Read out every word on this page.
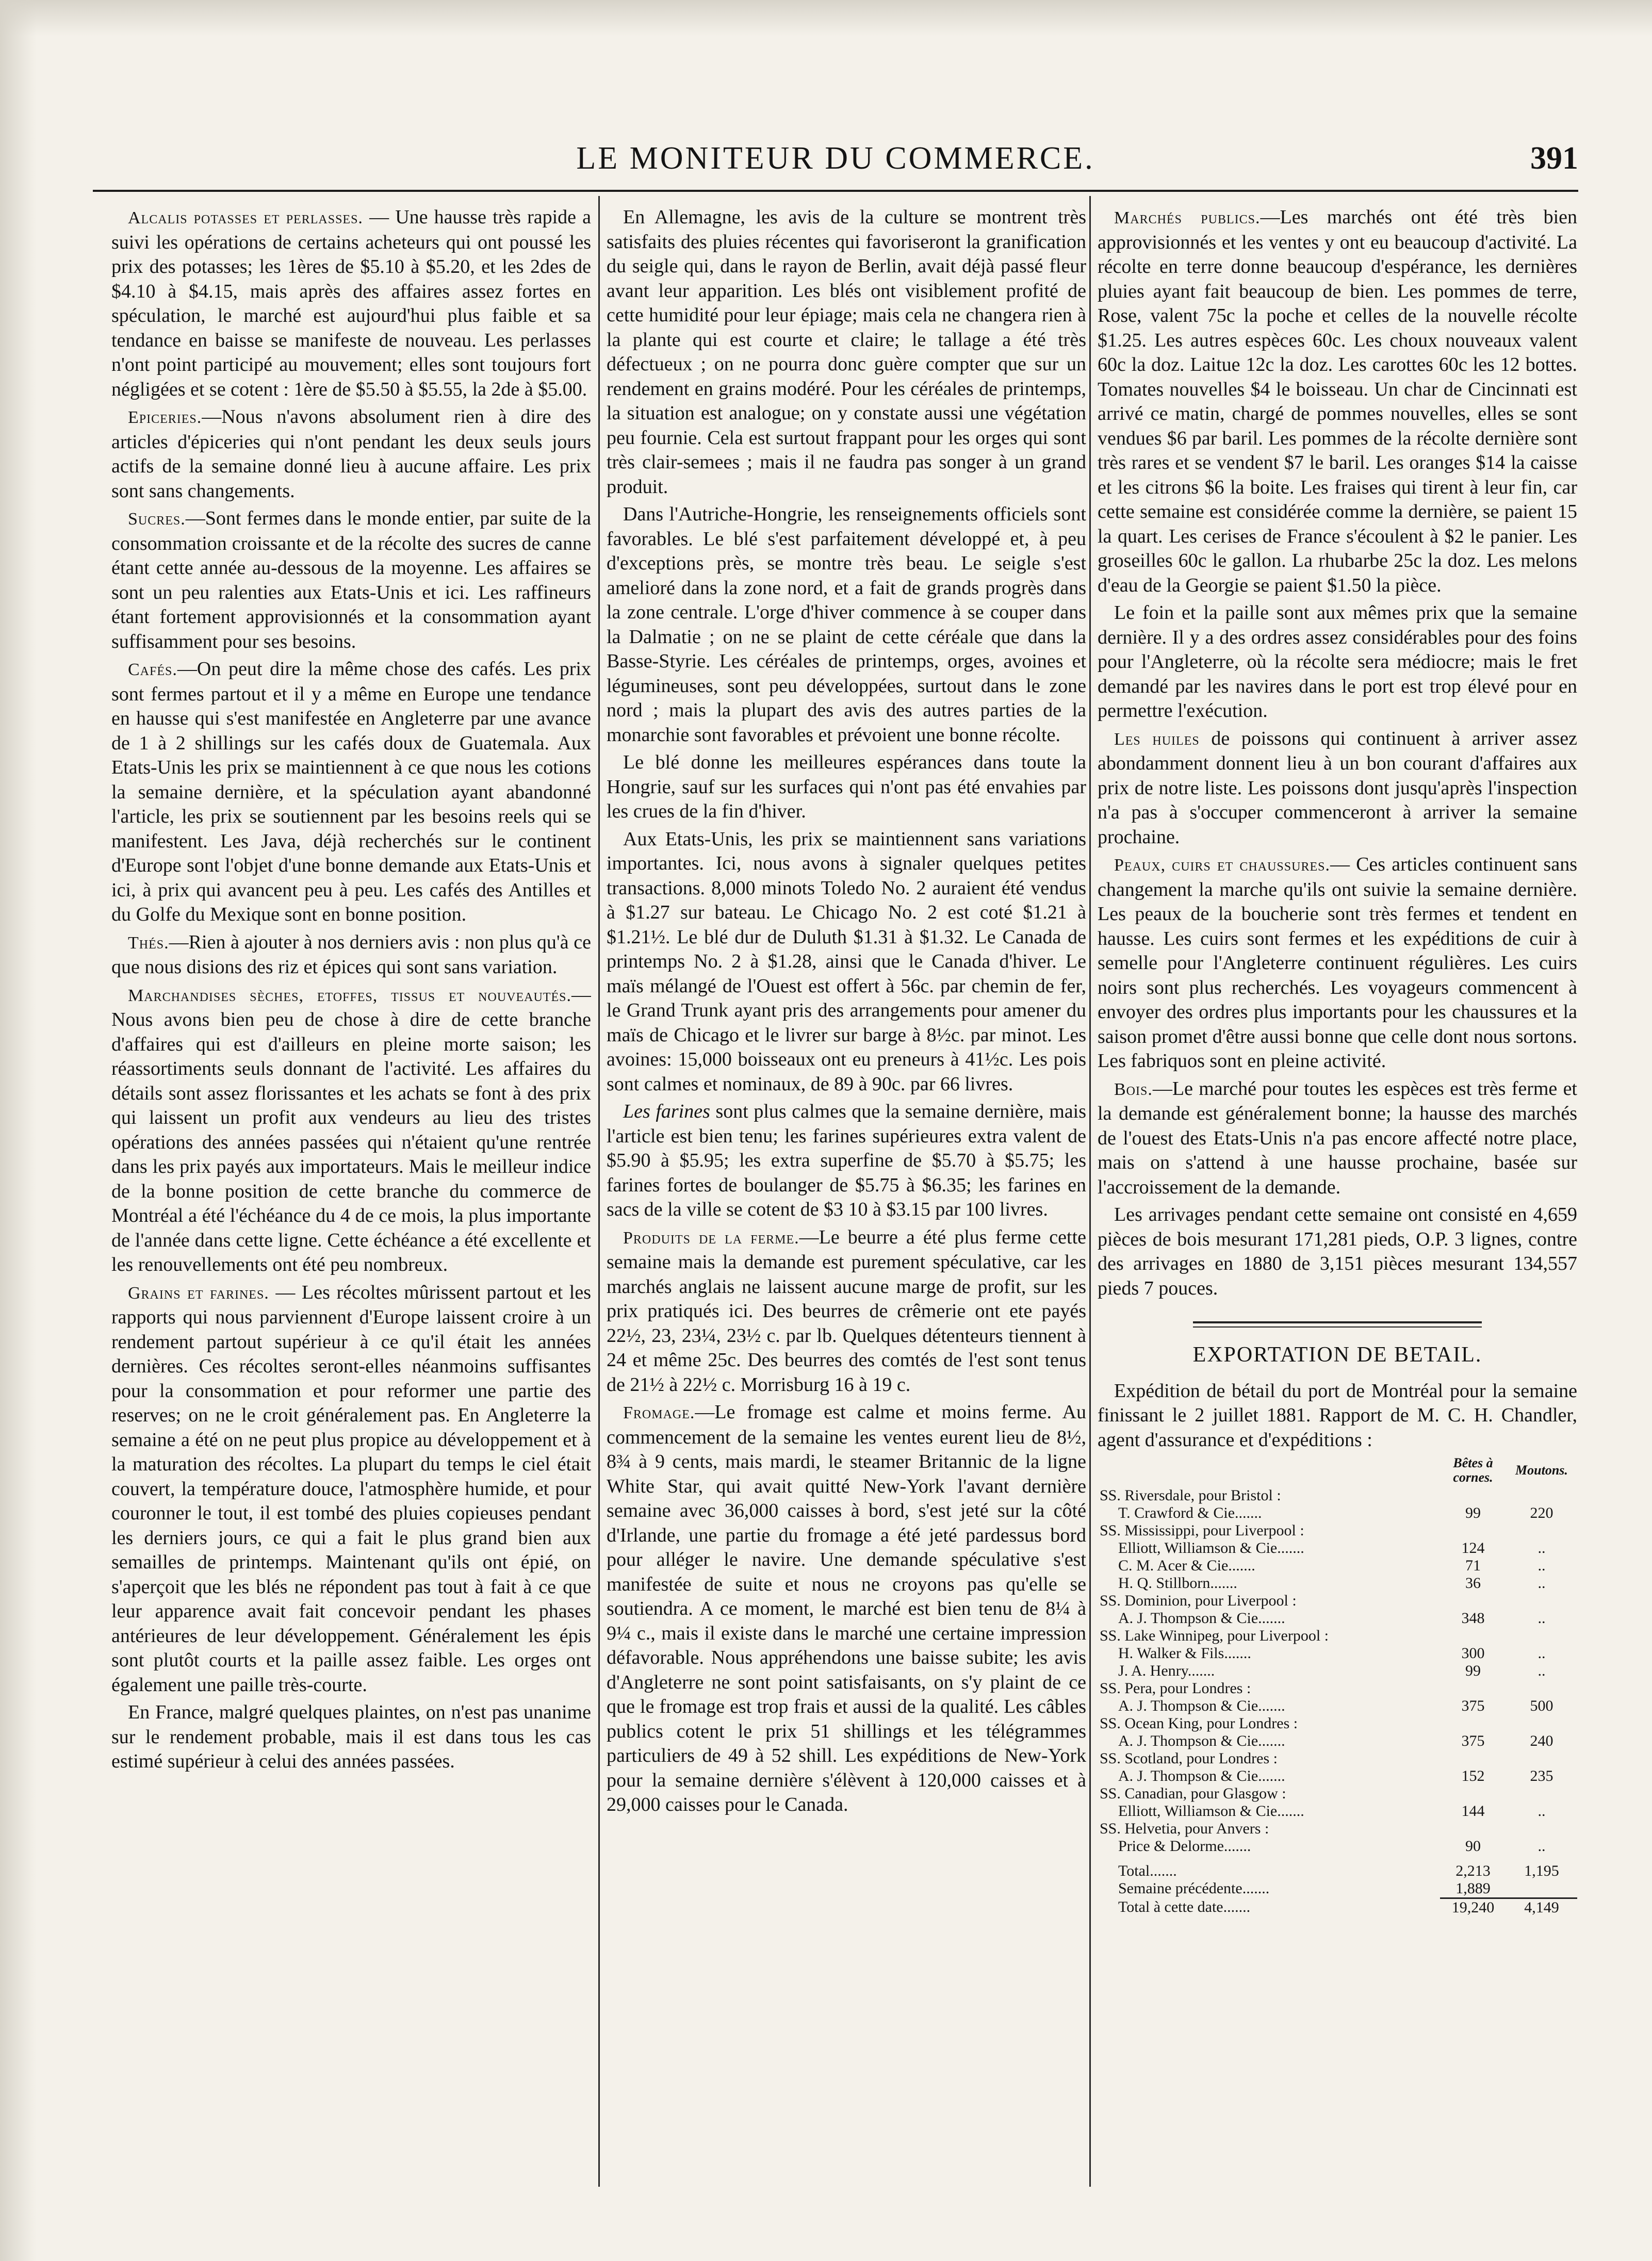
LE MONITEUR DU COMMERCE.	391

Alcalis potasses et perlasses. — Une hausse très rapide a suivi les opérations de certains acheteurs qui ont poussé les prix des potasses; les 1ères de $5.10 à $5.20, et les 2des de $4.10 à $4.15, mais après des affaires assez fortes en spéculation, le marché est aujourd'hui plus faible et sa tendance en baisse se manifeste de nouveau. Les perlasses n'ont point participé au mouvement; elles sont toujours fort négligées et se cotent : 1ère de $5.50 à $5.55, la 2de à $5.00.

Epiceries.—Nous n'avons absolument rien à dire des articles d'épiceries qui n'ont pendant les deux seuls jours actifs de la semaine donné lieu à aucune affaire. Les prix sont sans changements.

Sucres.—Sont fermes dans le monde entier, par suite de la consommation croissante et de la récolte des sucres de canne étant cette année au-dessous de la moyenne. Les affaires se sont un peu ralenties aux Etats-Unis et ici. Les raffineurs étant fortement approvisionnés et la consommation ayant suffisamment pour ses besoins.

Cafés.—On peut dire la même chose des cafés. Les prix sont fermes partout et il y a même en Europe une tendance en hausse qui s'est manifestée en Angleterre par une avance de 1 à 2 shillings sur les cafés doux de Guatemala. Aux Etats-Unis les prix se maintiennent à ce que nous les cotions la semaine dernière, et la spéculation ayant abandonné l'article, les prix se soutiennent par les besoins reels qui se manifestent. Les Java, déjà recherchés sur le continent d'Europe sont l'objet d'une bonne demande aux Etats-Unis et ici, à prix qui avancent peu à peu. Les cafés des Antilles et du Golfe du Mexique sont en bonne position.

Thés.—Rien à ajouter à nos derniers avis : non plus qu'à ce que nous disions des riz et épices qui sont sans variation.

Marchandises sèches, etoffes, tissus et nouveautés.— Nous avons bien peu de chose à dire de cette branche d'affaires qui est d'ailleurs en pleine morte saison; les réassortiments seuls donnant de l'activité. Les affaires du détails sont assez florissantes et les achats se font à des prix qui laissent un profit aux vendeurs au lieu des tristes opérations des années passées qui n'étaient qu'une rentrée dans les prix payés aux importateurs. Mais le meilleur indice de la bonne position de cette branche du commerce de Montréal a été l'échéance du 4 de ce mois, la plus importante de l'année dans cette ligne. Cette échéance a été excellente et les renouvellements ont été peu nombreux.

Grains et farines. — Les récoltes mûrissent partout et les rapports qui nous parviennent d'Europe laissent croire à un rendement partout supérieur à ce qu'il était les années dernières. Ces récoltes seront-elles néanmoins suffisantes pour la consommation et pour reformer une partie des reserves; on ne le croit généralement pas. En Angleterre la semaine a été on ne peut plus propice au développement et à la maturation des récoltes. La plupart du temps le ciel était couvert, la température douce, l'atmosphère humide, et pour couronner le tout, il est tombé des pluies copieuses pendant les derniers jours, ce qui a fait le plus grand bien aux semailles de printemps. Maintenant qu'ils ont épié, on s'aperçoit que les blés ne répondent pas tout à fait à ce que leur apparence avait fait concevoir pendant les phases antérieures de leur développement. Généralement les épis sont plutôt courts et la paille assez faible. Les orges ont également une paille très-courte.

En France, malgré quelques plaintes, on n'est pas unanime sur le rendement probable, mais il est dans tous les cas estimé supérieur à celui des années passées.

En Allemagne, les avis de la culture se montrent très satisfaits des pluies récentes qui favoriseront la granification du seigle qui, dans le rayon de Berlin, avait déjà passé fleur avant leur apparition. Les blés ont visiblement profité de cette humidité pour leur épiage; mais cela ne changera rien à la plante qui est courte et claire; le tallage a été très défectueux ; on ne pourra donc guère compter que sur un rendement en grains modéré. Pour les céréales de printemps, la situation est analogue; on y constate aussi une végétation peu fournie. Cela est surtout frappant pour les orges qui sont très clair-semees ; mais il ne faudra pas songer à un grand produit.

Dans l'Autriche-Hongrie, les renseignements officiels sont favorables. Le blé s'est parfaitement développé et, à peu d'exceptions près, se montre très beau. Le seigle s'est amelioré dans la zone nord, et a fait de grands progrès dans la zone centrale. L'orge d'hiver commence à se couper dans la Dalmatie ; on ne se plaint de cette céréale que dans la Basse-Styrie. Les céréales de printemps, orges, avoines et légumineuses, sont peu développées, surtout dans le zone nord ; mais la plupart des avis des autres parties de la monarchie sont favorables et prévoient une bonne récolte.

Le blé donne les meilleures espérances dans toute la Hongrie, sauf sur les surfaces qui n'ont pas été envahies par les crues de la fin d'hiver.

Aux Etats-Unis, les prix se maintiennent sans variations importantes. Ici, nous avons à signaler quelques petites transactions. 8,000 minots Toledo No. 2 auraient été vendus à $1.27 sur bateau. Le Chicago No. 2 est coté $1.21 à $1.21½. Le blé dur de Duluth $1.31 à $1.32. Le Canada de printemps No. 2 à $1.28, ainsi que le Canada d'hiver. Le maïs mélangé de l'Ouest est offert à 56c. par chemin de fer, le Grand Trunk ayant pris des arrangements pour amener du maïs de Chicago et le livrer sur barge à 8½c. par minot. Les avoines: 15,000 boisseaux ont eu preneurs à 41½c. Les pois sont calmes et nominaux, de 89 à 90c. par 66 livres.

Les farines sont plus calmes que la semaine dernière, mais l'article est bien tenu; les farines supérieures extra valent de $5.90 à $5.95; les extra superfine de $5.70 à $5.75; les farines fortes de boulanger de $5.75 à $6.35; les farines en sacs de la ville se cotent de $3 10 à $3.15 par 100 livres.

Produits de la ferme.—Le beurre a été plus ferme cette semaine mais la demande est purement spéculative, car les marchés anglais ne laissent aucune marge de profit, sur les prix pratiqués ici. Des beurres de crêmerie ont ete payés 22½, 23, 23¼, 23½ c. par lb. Quelques détenteurs tiennent à 24 et même 25c. Des beurres des comtés de l'est sont tenus de 21½ à 22½ c. Morrisburg 16 à 19 c.

Fromage.—Le fromage est calme et moins ferme. Au commencement de la semaine les ventes eurent lieu de 8½, 8¾ à 9 cents, mais mardi, le steamer Britannic de la ligne White Star, qui avait quitté New-York l'avant dernière semaine avec 36,000 caisses à bord, s'est jeté sur la côté d'Irlande, une partie du fromage a été jeté pardessus bord pour alléger le navire. Une demande spéculative s'est manifestée de suite et nous ne croyons pas qu'elle se soutiendra. A ce moment, le marché est bien tenu de 8¼ à 9¼ c., mais il existe dans le marché une certaine impression défavorable. Nous appréhendons une baisse subite; les avis d'Angleterre ne sont point satisfaisants, on s'y plaint de ce que le fromage est trop frais et aussi de la qualité. Les câbles publics cotent le prix 51 shillings et les télégrammes particuliers de 49 à 52 shill. Les expéditions de New-York pour la semaine dernière s'élèvent à 120,000 caisses et à 29,000 caisses pour le Canada.

Marchés publics.—Les marchés ont été très bien approvisionnés et les ventes y ont eu beaucoup d'activité. La récolte en terre donne beaucoup d'espérance, les dernières pluies ayant fait beaucoup de bien. Les pommes de terre, Rose, valent 75c la poche et celles de la nouvelle récolte $1.25. Les autres espèces 60c. Les choux nouveaux valent 60c la doz. Laitue 12c la doz. Les carottes 60c les 12 bottes. Tomates nouvelles $4 le boisseau. Un char de Cincinnati est arrivé ce matin, chargé de pommes nouvelles, elles se sont vendues $6 par baril. Les pommes de la récolte dernière sont très rares et se vendent $7 le baril. Les oranges $14 la caisse et les citrons $6 la boite. Les fraises qui tirent à leur fin, car cette semaine est considérée comme la dernière, se paient 15 la quart. Les cerises de France s'écoulent à $2 le panier. Les groseilles 60c le gallon. La rhubarbe 25c la doz. Les melons d'eau de la Georgie se paient $1.50 la pièce.

Le foin et la paille sont aux mêmes prix que la semaine dernière. Il y a des ordres assez considérables pour des foins pour l'Angleterre, où la récolte sera médiocre; mais le fret demandé par les navires dans le port est trop élevé pour en permettre l'exécution.

Les huiles de poissons qui continuent à arriver assez abondamment donnent lieu à un bon courant d'affaires aux prix de notre liste. Les poissons dont jusqu'après l'inspection n'a pas à s'occuper commenceront à arriver la semaine prochaine.

Peaux, cuirs et chaussures.— Ces articles continuent sans changement la marche qu'ils ont suivie la semaine dernière. Les peaux de la boucherie sont très fermes et tendent en hausse. Les cuirs sont fermes et les expéditions de cuir à semelle pour l'Angleterre continuent régulières. Les cuirs noirs sont plus recherchés. Les voyageurs commencent à envoyer des ordres plus importants pour les chaussures et la saison promet d'être aussi bonne que celle dont nous sortons. Les fabriquos sont en pleine activité.

Bois.—Le marché pour toutes les espèces est très ferme et la demande est généralement bonne; la hausse des marchés de l'ouest des Etats-Unis n'a pas encore affecté notre place, mais on s'attend à une hausse prochaine, basée sur l'accroissement de la demande.

Les arrivages pendant cette semaine ont consisté en 4,659 pièces de bois mesurant 171,281 pieds, O.P. 3 lignes, contre des arrivages en 1880 de 3,151 pièces mesurant 134,557 pieds 7 pouces.

EXPORTATION DE BETAIL.

Expédition de bétail du port de Montréal pour la semaine finissant le 2 juillet 1881. Rapport de M. C. H. Chandler, agent d'assurance et d'expéditions :

	Bêtes à cornes.	Moutons.
SS. Riversdale, pour Bristol :		
T. Crawford & Cie.......	99	220
SS. Mississippi, pour Liverpool :		
Elliott, Williamson & Cie.......	124	..
C. M. Acer & Cie.......	71	..
H. Q. Stillborn.......	36	..
SS. Dominion, pour Liverpool :		
A. J. Thompson & Cie.......	348	..
SS. Lake Winnipeg, pour Liverpool :		
H. Walker & Fils.......	300	..
J. A. Henry.......	99	..
SS. Pera, pour Londres :		
A. J. Thompson & Cie.......	375	500
SS. Ocean King, pour Londres :		
A. J. Thompson & Cie.......	375	240
SS. Scotland, pour Londres :		
A. J. Thompson & Cie.......	152	235
SS. Canadian, pour Glasgow :		
Elliott, Williamson & Cie.......	144	..
SS. Helvetia, pour Anvers :		
Price & Delorme.......	90	..
Total.......	2,213	1,195
Semaine précédente.......	1,889	
Total à cette date.......	19,240	4,149
